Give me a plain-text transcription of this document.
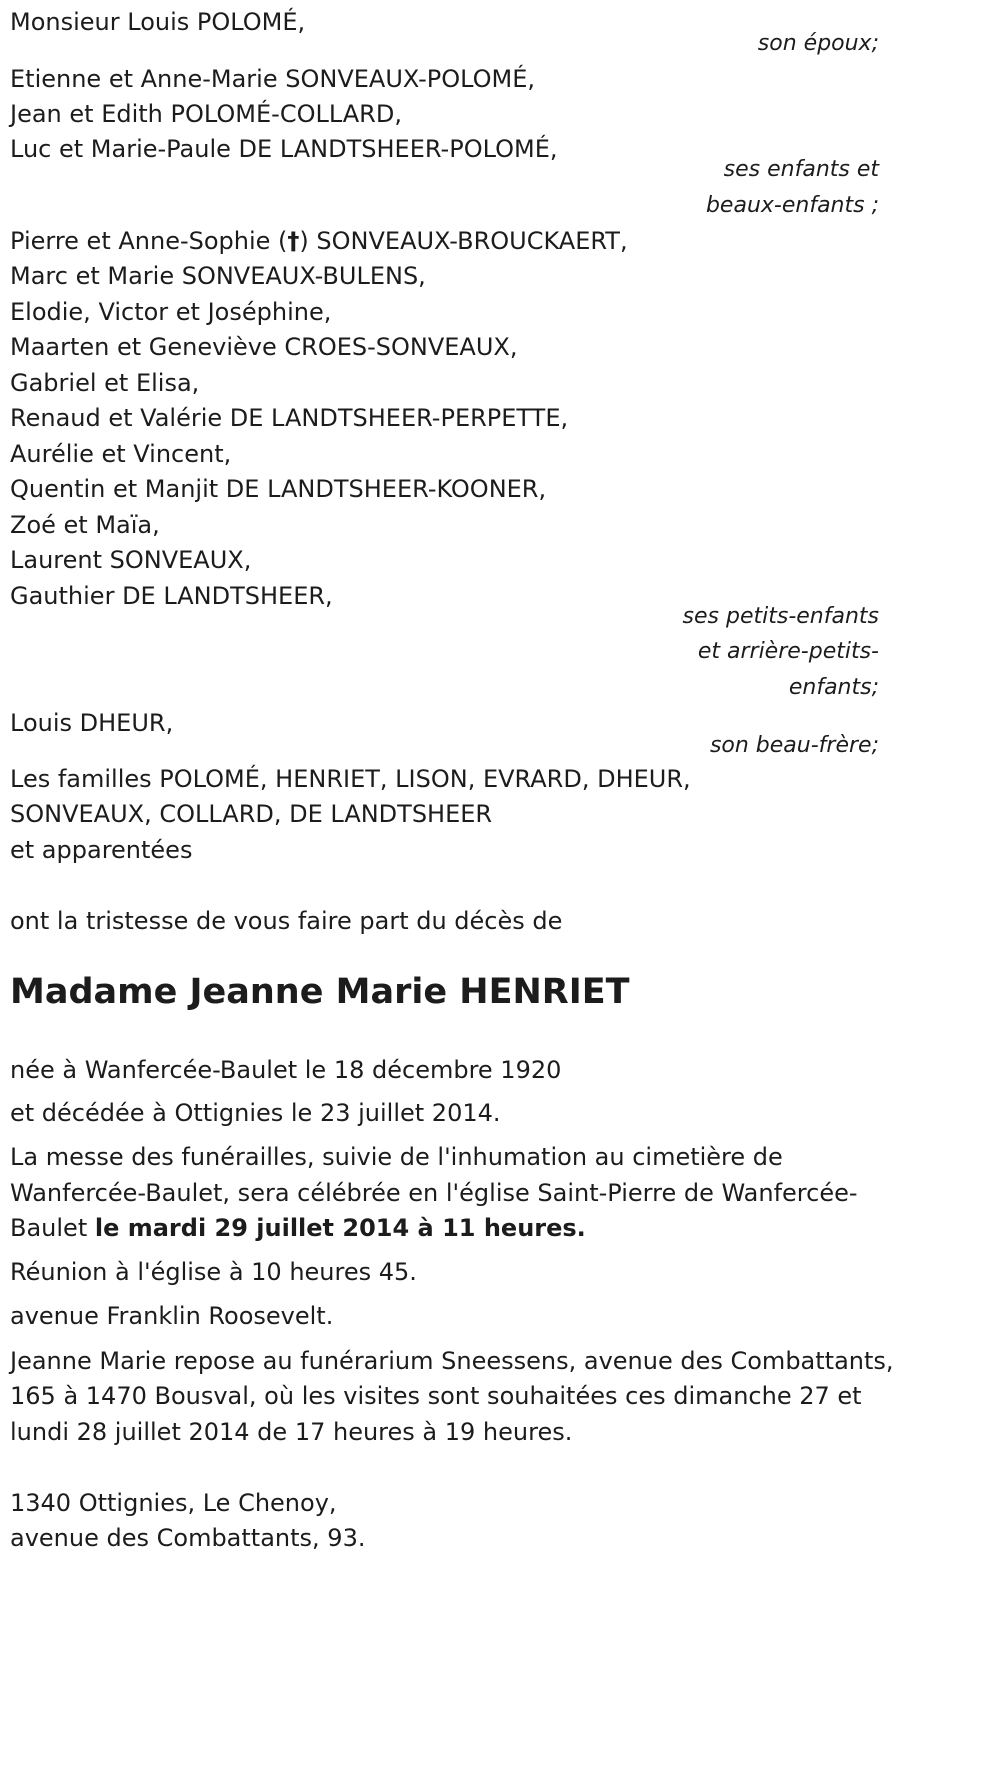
Monsieur Louis POLOMÉ,

son époux;

Etienne et Anne-Marie SONVEAUX-POLOMÉ,

Jean et Edith POLOMÉ-COLLARD,

Luc et Marie-Paule DE LANDTSHEER-POLOMÉ,

ses enfants et

beaux-enfants ;

Pierre et Anne-Sophie (†) SONVEAUX-BROUCKAERT,

Marc et Marie SONVEAUX-BULENS,

Elodie, Victor et Joséphine,

Maarten et Geneviève CROES-SONVEAUX,

Gabriel et Elisa,

Renaud et Valérie DE LANDTSHEER-PERPETTE,

Aurélie et Vincent,

Quentin et Manjit DE LANDTSHEER-KOONER,

Zoé et Maïa,

Laurent SONVEAUX,

Gauthier DE LANDTSHEER,

ses petits-enfants

et arrière-petits-

enfants;

Louis DHEUR,

son beau-frère;

Les familles POLOMÉ, HENRIET, LISON, EVRARD, DHEUR,

SONVEAUX, COLLARD, DE LANDTSHEER

et apparentées

ont la tristesse de vous faire part du décès de

Madame Jeanne Marie HENRIET

née à Wanfercée-Baulet le 18 décembre 1920

et décédée à Ottignies le 23 juillet 2014.

La messe des funérailles, suivie de l'inhumation au cimetière de

Wanfercée-Baulet, sera célébrée en l'église Saint-Pierre de Wanfercée-

Baulet le mardi 29 juillet 2014 à 11 heures.

Réunion à l'église à 10 heures 45.

avenue Franklin Roosevelt.

Jeanne Marie repose au funérarium Sneessens, avenue des Combattants,

165 à 1470 Bousval, où les visites sont souhaitées ces dimanche 27 et

lundi 28 juillet 2014 de 17 heures à 19 heures.

1340 Ottignies, Le Chenoy,

avenue des Combattants, 93.
